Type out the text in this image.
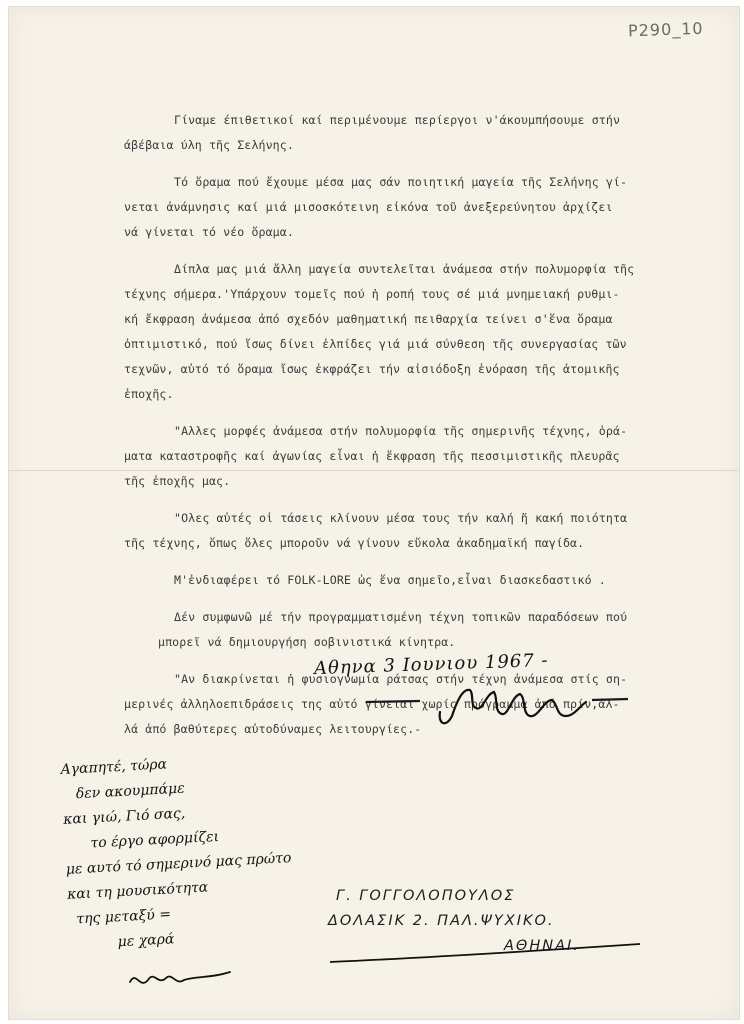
Ρ290_10

Γίναμε έπιθετικοί καί περιμένουμε περίεργοι ν'άκουμπήσουμε στήν
άβέβαια ύλη τῆς Σελήνης.

Τό ὅραμα πού ἔχουμε μέσα μας σάν ποιητική μαγεία τῆς Σελήνης γί-
νεται ἀνάμνησις καί μιά μισοσκότεινη εἰκόνα τοῦ ἀνεξερεύνητου ἀρχίζει
νά γίνεται τό νέο ὅραμα.

Δίπλα μας μιά ἄλλη μαγεία συντελεῖται ἀνάμεσα στήν πολυμορφία τῆς
τέχνης σήμερα.'Υπάρχουν τομεῖς πού ἡ ροπή τους σέ μιά μνημειακή ρυθμι-
κή ἔκφραση ἀνάμεσα ἀπό σχεδόν μαθηματική πειθαρχία τείνει σ'ἕνα ὅραμα
ὀπτιμιστικό, πού ἴσως δίνει ἐλπίδες γιά μιά σύνθεση τῆς συνεργασίας τῶν
τεχνῶν, αὐτό τό ὅραμα ἴσως ἐκφράζει τήν αἰσιόδοξη ἐνόραση τῆς ἀτομικῆς
ἐποχῆς.

"Αλλες μορφές ἀνάμεσα στήν πολυμορφία τῆς σημερινῆς τέχνης, ὁρά-
ματα καταστροφῆς καί ἀγωνίας εἶναι ἡ ἔκφραση τῆς πεσσιμιστικῆς πλευρᾶς
τῆς ἐποχῆς μας.

"Ολες αὐτές οἱ τάσεις κλίνουν μέσα τους τήν καλή ἤ κακή ποιότητα
τῆς τέχνης, ὅπως ὅλες μποροῦν νά γίνουν εὔκολα ἀκαδημαϊκή παγίδα.

Μ'ἐνδιαφέρει τό FOLK-LORE ὡς ἕνα σημεῖο,εἶναι διασκεδαστικό .

Δέν συμφωνῶ μέ τήν προγραμματισμένη τέχνη τοπικῶν παραδόσεων πού
μπορεῖ νά δημιουργήση σοβινιστικά κίνητρα.

"Αν διακρίνεται ἡ φυσιογνωμία ράτσας στήν τέχνη ἀνάμεσα στίς ση-
μερινές ἀλληλοεπιδράσεις της αὐτό γίνεται χωρίς πρόγραμμα ἀπό πρίν,ἀλ-
λά ἀπό βαθύτερες αὐτοδύναμες λειτουργίες.-

Αθηνα 3 Ιουνιου 1967 -
Γ. ΓΟΓΓΟΛΟΠΟΥΛΟΣ
ΔΟΛΑΣΙΚ 2. ΠΑΛ.ΨΥΧΙΚΟ.
ΑΘΗΝΑΙ.
Αγαπητέ, τώρα
δεν ακουμπάμε
και γιώ, Γιό σας,
το έργο αφορμίζει
με αυτό τό σημερινό μας πρώτο
και τη μουσικότητα
της μεταξύ =
με χαρά
